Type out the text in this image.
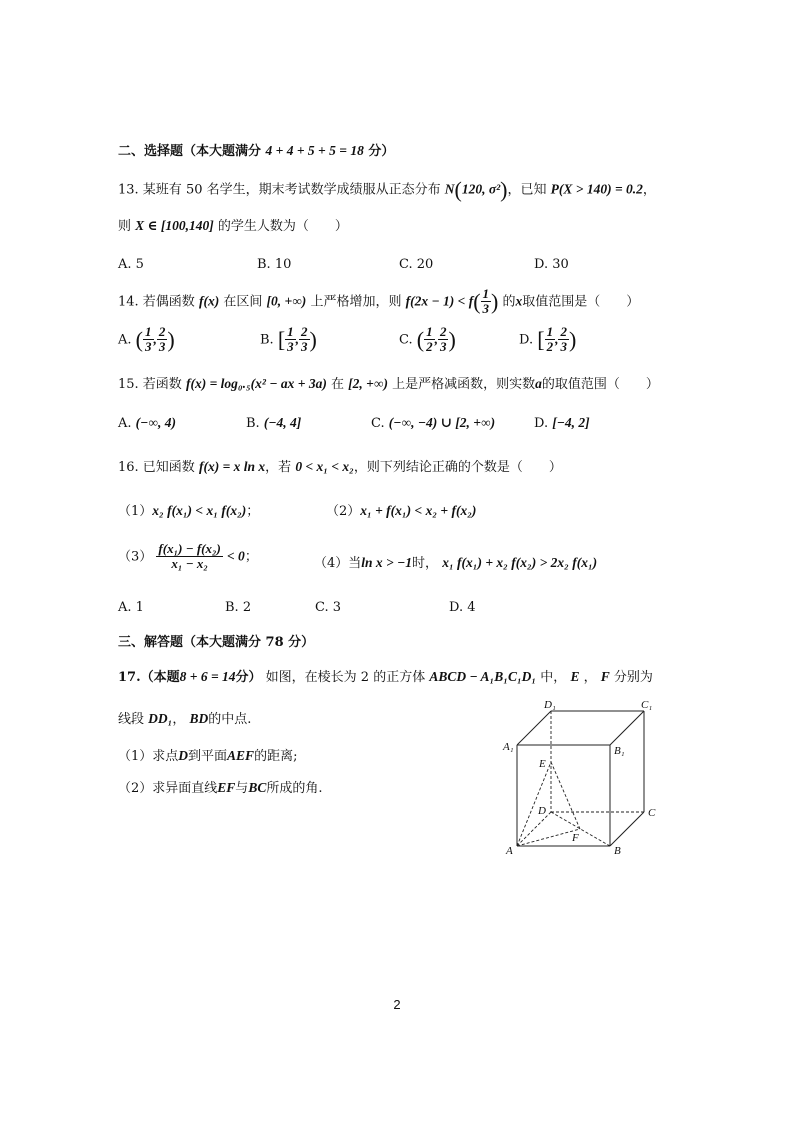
二、选择题（本大题满分 4 + 4 + 5 + 5 = 18 分）
13. 某班有 50 名学生，期末考试数学成绩服从正态分布 N(120, σ²)，已知 P(X > 140) = 0.2，
则 X ∈ [100,140] 的学生人数为（　　）
A. 5	B. 10	C. 20	D. 30
14. 若偶函数 f(x) 在区间 [0, +∞) 上严格增加，则 $f(2x - 1) < f( \frac{1}{3}$ ) 的x取值范围是（　　）
A. ( $\frac{1}{3}$ , $\frac{2}{3}$ )	B. [ $\frac{1}{3}$ , $\frac{2}{3}$ )	C. ( $\frac{1}{2}$ , $\frac{2}{3}$ )	D. [ $\frac{1}{2}$ , $\frac{2}{3}$ )
15. 若函数 f(x) = log₀.₅(x² − ax + 3a) 在 [2, +∞) 上是严格减函数，则实数a的取值范围（　　）
A. (−∞, 4)	B. (−4, 4]	C. (−∞, −4) ∪ [2, +∞)	D. [−4, 2]
16. 已知函数 f(x) = x ln x，若 0 < x₁ < x₂，则下列结论正确的个数是（　　）
（1）x₂ f(x₁) < x₁ f(x₂)；	（2）x₁ + f(x₁) < x₂ + f(x₂)
$(3) \frac{\text{f(x₁) − f(x₂)}}{\text{x₁ − x₂}} < 0$；	（4）当ln x > −1时， x₁ f(x₁) + x₂ f(x₂) > 2x₂ f(x₁)
A. 1	B. 2	C. 3	D. 4
三、解答题（本大题满分 78 分）
17.（本题8 + 6 = 14分） 如图，在棱长为 2 的正方体 ABCD − A₁B₁C₁D₁ 中， E ， F 分别为
线段 DD₁， BD的中点.
（1）求点D到平面AEF的距离;
（2）求异面直线EF与BC所成的角.
D₁	C₁
A₁	B₁
E
D	C
F
A	B
2
